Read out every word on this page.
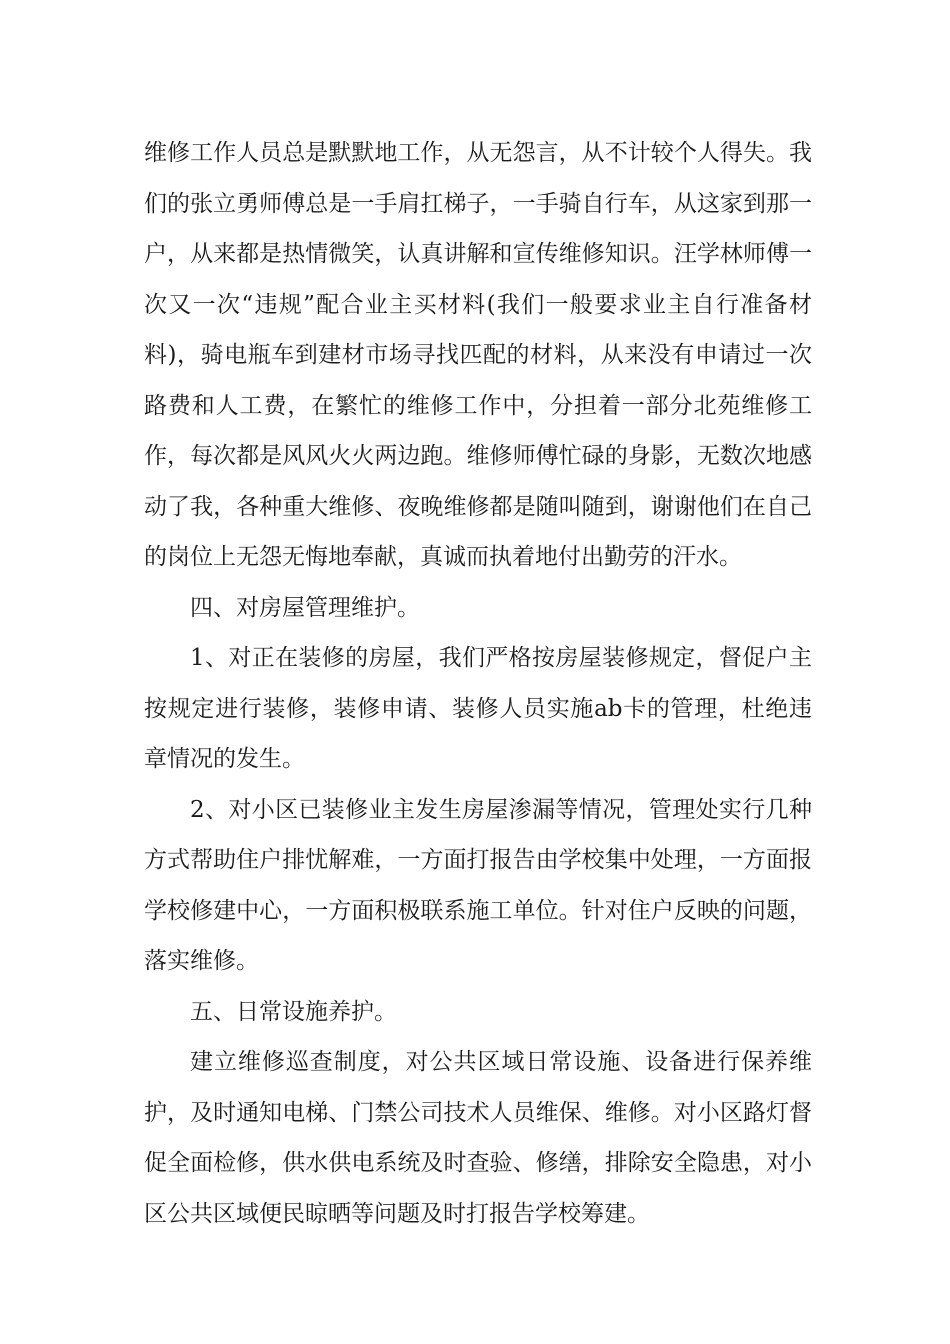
维修工作人员总是默默地工作，从无怨言，从不计较个人得失。我们的张立勇师傅总是一手肩扛梯子，一手骑自行车，从这家到那一户，从来都是热情微笑，认真讲解和宣传维修知识。汪学林师傅一次又一次“违规”配合业主买材料(我们一般要求业主自行准备材料)，骑电瓶车到建材市场寻找匹配的材料，从来没有申请过一次路费和人工费，在繁忙的维修工作中，分担着一部分北苑维修工作，每次都是风风火火两边跑。维修师傅忙碌的身影，无数次地感动了我，各种重大维修、夜晚维修都是随叫随到，谢谢他们在自己的岗位上无怨无悔地奉献，真诚而执着地付出勤劳的汗水。

四、对房屋管理维护。

1、对正在装修的房屋，我们严格按房屋装修规定，督促户主按规定进行装修，装修申请、装修人员实施ab卡的管理，杜绝违章情况的发生。

2、对小区已装修业主发生房屋渗漏等情况，管理处实行几种方式帮助住户排忧解难，一方面打报告由学校集中处理，一方面报学校修建中心，一方面积极联系施工单位。针对住户反映的问题，落实维修。

五、日常设施养护。

建立维修巡查制度，对公共区域日常设施、设备进行保养维护，及时通知电梯、门禁公司技术人员维保、维修。对小区路灯督促全面检修，供水供电系统及时查验、修缮，排除安全隐患，对小区公共区域便民晾晒等问题及时打报告学校筹建。
